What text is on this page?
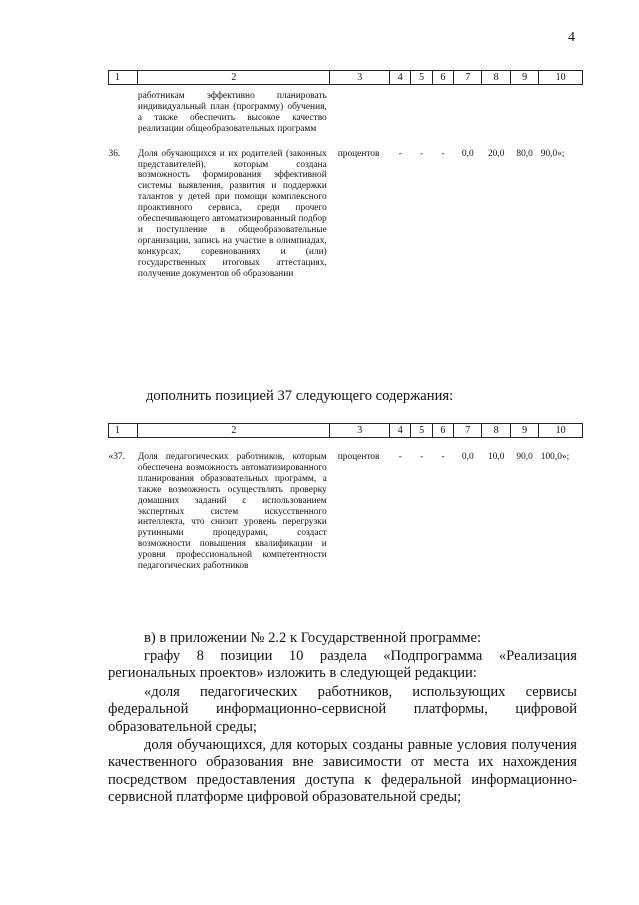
4
1	2	3	4	5	6	7	8	9	10

	работникам эффективно планировать индивидуальный план (программу) обучения, а также обеспечить высокое качество реализации общеобразовательных программ								

36.	Доля обучающихся и их родителей (законных представителей), которым создана возможность формирования эффективной системы выявления, развития и поддержки талантов у детей при помощи комплексного проактивного сервиса, среди прочего обеспечивающего автоматизированный подбор и поступление в общеобразовательные организации, запись на участие в олимпиадах, конкурсах, соревнованиях и (или) государственных итоговых аттестациях, получение документов об образовании	процентов	-	-	-	0,0	20,0	80,0	90,0»;

дополнить позицией 37 следующего содержания:

1	2	3	4	5	6	7	8	9	10

«37.	Доля педагогических работников, которым обеспечена возможность автоматизированного планирования образовательных программ, а также возможность осуществлять проверку домашних заданий с использованием экспертных систем искусственного интеллекта, что снизит уровень перегрузки рутинными процедурами, создаст возможности повышения квалификации и уровня профессиональной компетентности педагогических работников	процентов	-	-	-	0,0	10,0	90,0	100,0»;

в) в приложении № 2.2 к Государственной программе:

графу 8 позиции 10 раздела «Подпрограмма «Реализация региональных проектов» изложить в следующей редакции:

«доля педагогических работников, использующих сервисы федеральной информационно-сервисной платформы, цифровой образовательной среды;

доля обучающихся, для которых созданы равные условия получения качественного образования вне зависимости от места их нахождения посредством предоставления доступа к федеральной информационно-сервисной платформе цифровой образовательной среды;
